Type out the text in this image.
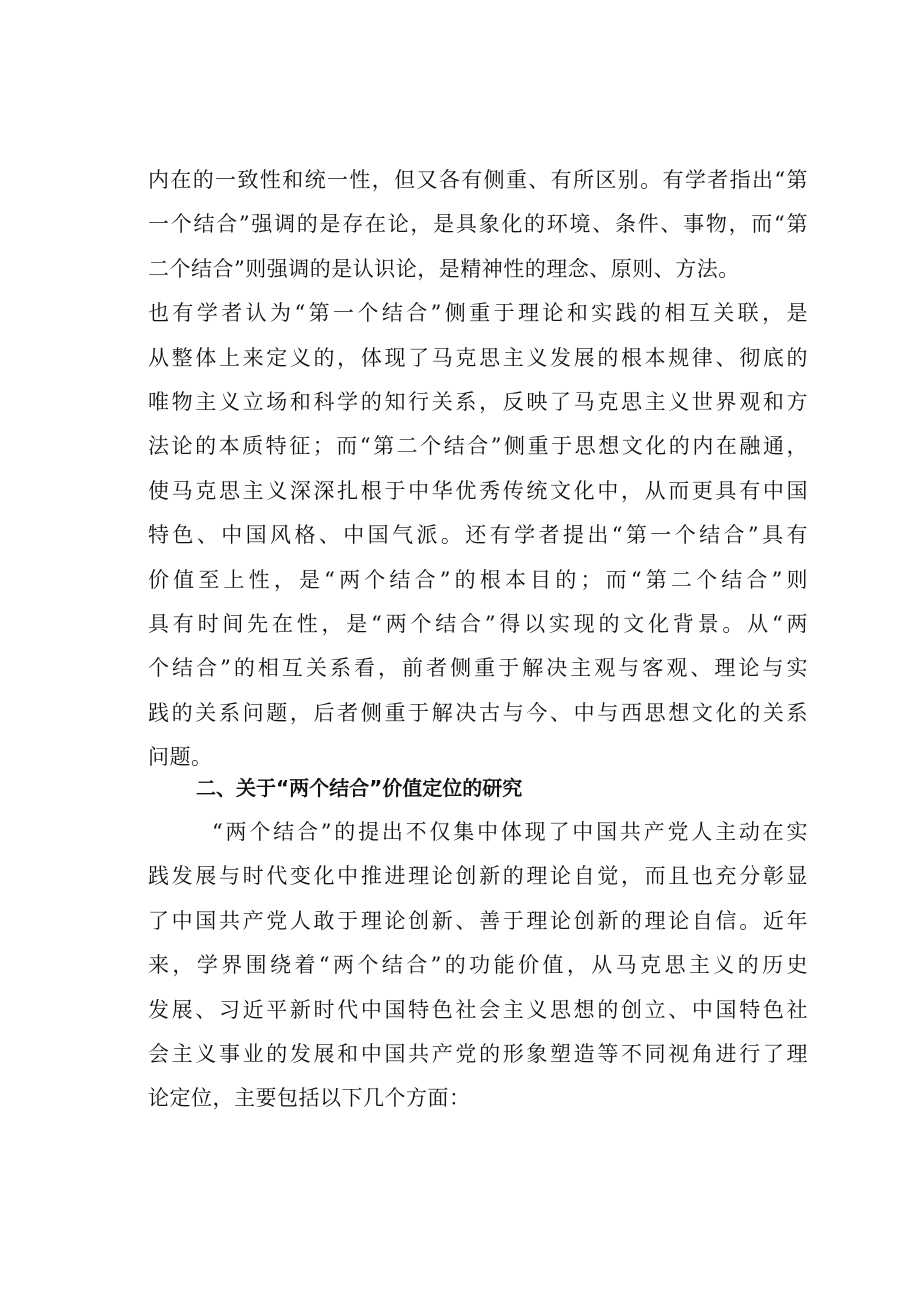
内在的一致性和统一性，但又各有侧重、有所区别。有学者指出“第
一个结合”强调的是存在论，是具象化的环境、条件、事物，而“第
二个结合”则强调的是认识论，是精神性的理念、原则、方法。
也有学者认为“第一个结合”侧重于理论和实践的相互关联，是
从整体上来定义的，体现了马克思主义发展的根本规律、彻底的
唯物主义立场和科学的知行关系，反映了马克思主义世界观和方
法论的本质特征；而“第二个结合”侧重于思想文化的内在融通，
使马克思主义深深扎根于中华优秀传统文化中，从而更具有中国
特色、中国风格、中国气派。还有学者提出“第一个结合”具有
价值至上性，是“两个结合”的根本目的；而“第二个结合”则
具有时间先在性，是“两个结合”得以实现的文化背景。从“两
个结合”的相互关系看，前者侧重于解决主观与客观、理论与实
践的关系问题，后者侧重于解决古与今、中与西思想文化的关系
问题。
二、关于“两个结合”价值定位的研究
“两个结合”的提出不仅集中体现了中国共产党人主动在实
践发展与时代变化中推进理论创新的理论自觉，而且也充分彰显
了中国共产党人敢于理论创新、善于理论创新的理论自信。近年
来，学界围绕着“两个结合”的功能价值，从马克思主义的历史
发展、习近平新时代中国特色社会主义思想的创立、中国特色社
会主义事业的发展和中国共产党的形象塑造等不同视角进行了理
论定位，主要包括以下几个方面：
